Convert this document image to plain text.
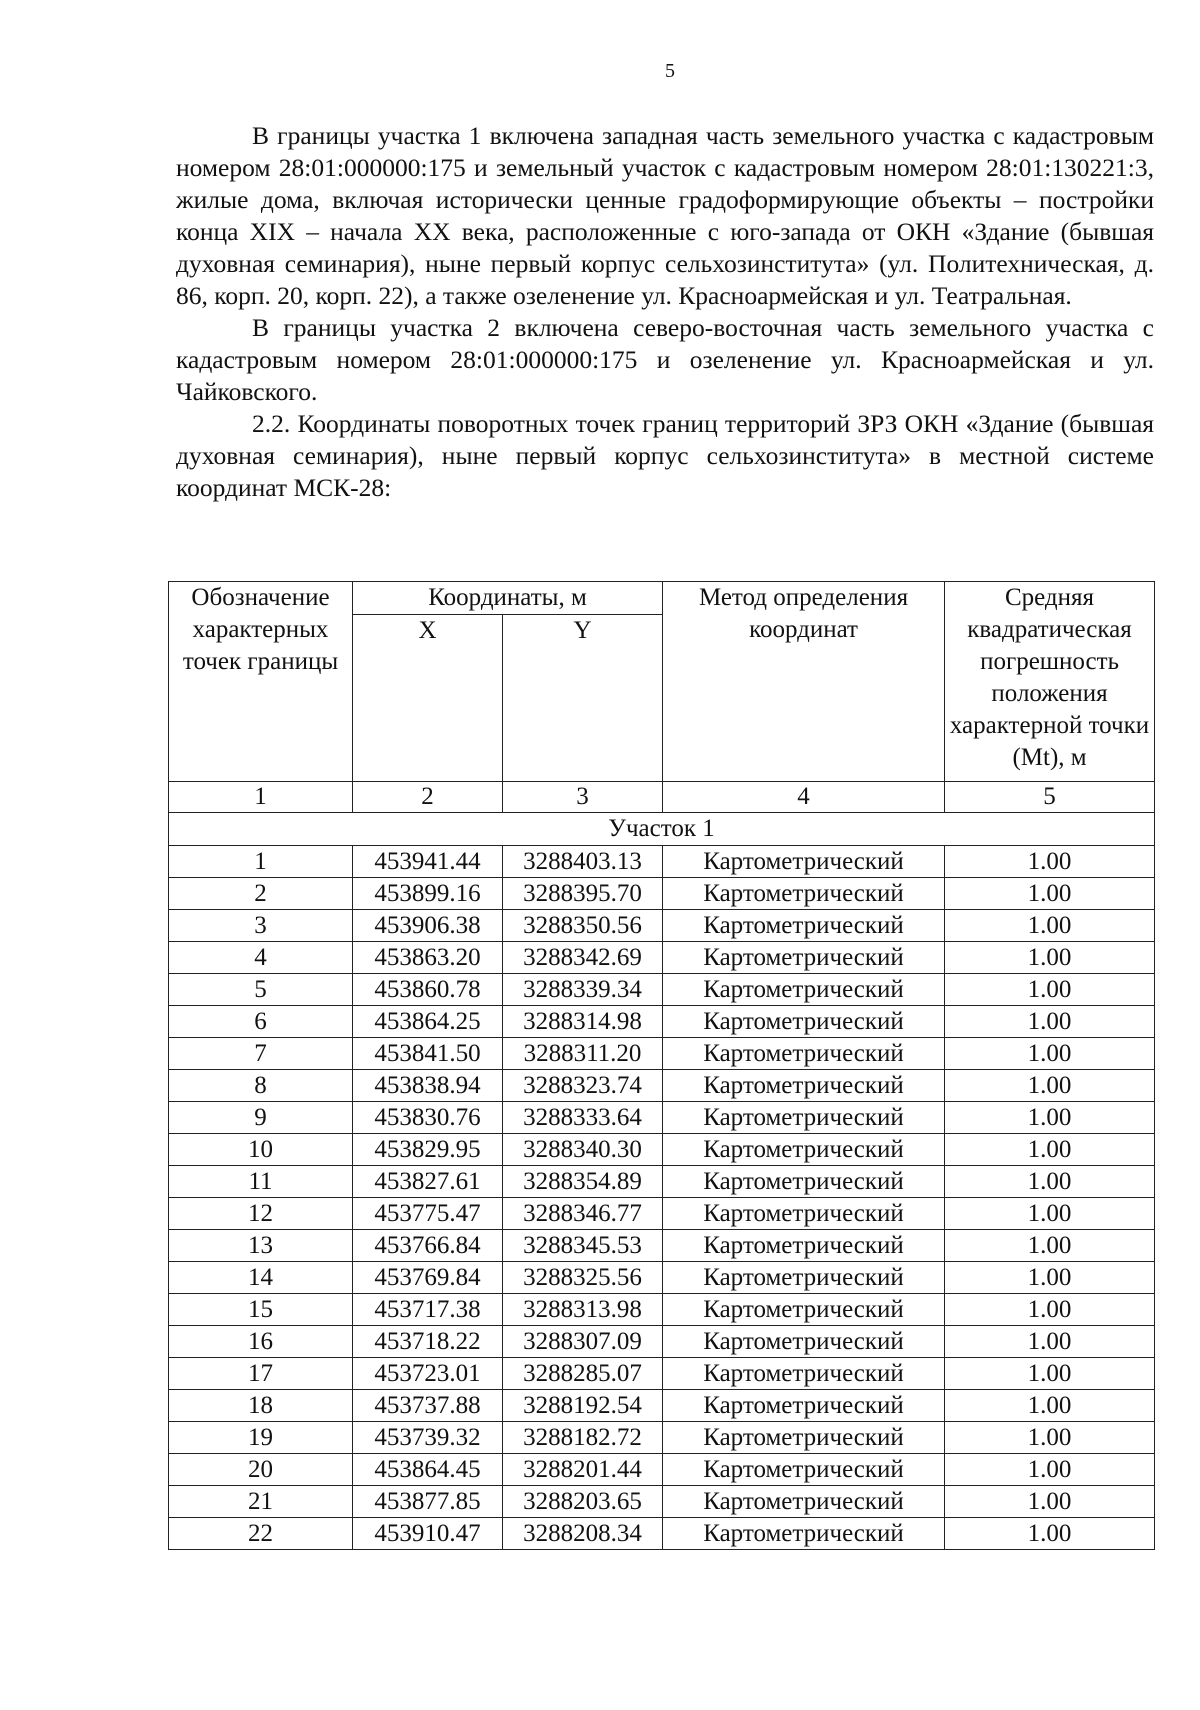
5

В границы участка 1 включена западная часть земельного участка с кадастровым номером 28:01:000000:175 и земельный участок с кадастровым номером 28:01:130221:3, жилые дома, включая исторически ценные градоформирующие объекты – постройки конца XIX – начала XX века, расположенные с юго-запада от ОКН «Здание (бывшая духовная семинария), ныне первый корпус сельхозинститута» (ул. Политехническая, д. 86, корп. 20, корп. 22), а также озеленение ул. Красноармейская и ул. Театральная.

В границы участка 2 включена северо-восточная часть земельного участка с кадастровым номером 28:01:000000:175 и озеленение ул. Красноармейская и ул. Чайковского.

2.2. Координаты поворотных точек границ территорий ЗРЗ ОКН «Здание (бывшая духовная семинария), ныне первый корпус сельхозинститута» в местной системе координат МСК-28:

Обозначение характерных точек границы	Координаты, м		Метод определения координат	Средняя квадратическая погрешность положения характерной точки (Mt), м
	X	Y		
1	2	3	4	5
Участок 1				
1	453941.44	3288403.13	Картометрический	1.00
2	453899.16	3288395.70	Картометрический	1.00
3	453906.38	3288350.56	Картометрический	1.00
4	453863.20	3288342.69	Картометрический	1.00
5	453860.78	3288339.34	Картометрический	1.00
6	453864.25	3288314.98	Картометрический	1.00
7	453841.50	3288311.20	Картометрический	1.00
8	453838.94	3288323.74	Картометрический	1.00
9	453830.76	3288333.64	Картометрический	1.00
10	453829.95	3288340.30	Картометрический	1.00
11	453827.61	3288354.89	Картометрический	1.00
12	453775.47	3288346.77	Картометрический	1.00
13	453766.84	3288345.53	Картометрический	1.00
14	453769.84	3288325.56	Картометрический	1.00
15	453717.38	3288313.98	Картометрический	1.00
16	453718.22	3288307.09	Картометрический	1.00
17	453723.01	3288285.07	Картометрический	1.00
18	453737.88	3288192.54	Картометрический	1.00
19	453739.32	3288182.72	Картометрический	1.00
20	453864.45	3288201.44	Картометрический	1.00
21	453877.85	3288203.65	Картометрический	1.00
22	453910.47	3288208.34	Картометрический	1.00
